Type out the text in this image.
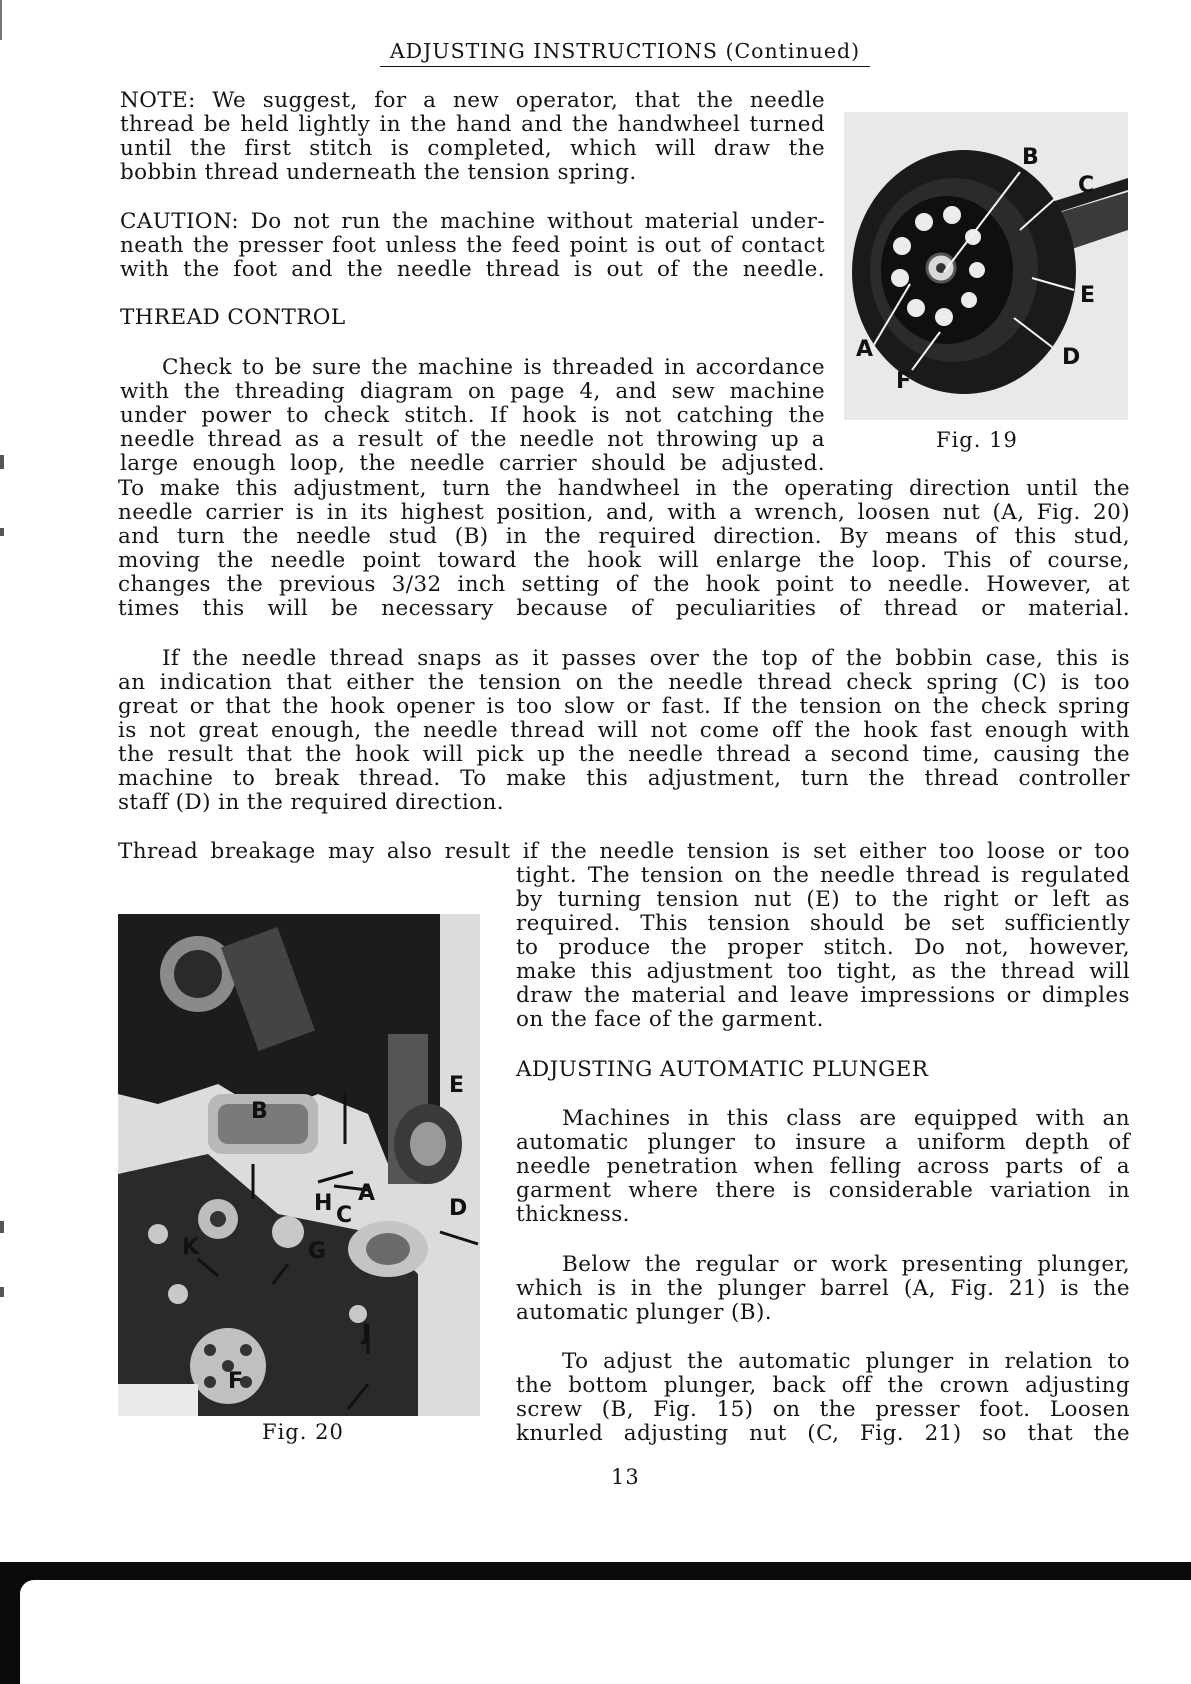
ADJUSTING INSTRUCTIONS (Continued)
NOTE: We suggest, for a new operator, that the needle
thread be held lightly in the hand and the handwheel turned
until the first stitch is completed, which will draw the
bobbin thread underneath the tension spring.
CAUTION: Do not run the machine without material under-
neath the presser foot unless the feed point is out of contact
with the foot and the needle thread is out of the needle.
THREAD CONTROL
Check to be sure the machine is threaded in accordance
with the threading diagram on page 4, and sew machine
under power to check stitch. If hook is not catching the
needle thread as a result of the needle not throwing up a
large enough loop, the needle carrier should be adjusted.
To make this adjustment, turn the handwheel in the operating direction until the
needle carrier is in its highest position, and, with a wrench, loosen nut (A, Fig. 20)
and turn the needle stud (B) in the required direction. By means of this stud,
moving the needle point toward the hook will enlarge the loop. This of course,
changes the previous 3/32 inch setting of the hook point to needle. However, at
times this will be necessary because of peculiarities of thread or material.
If the needle thread snaps as it passes over the top of the bobbin case, this is
an indication that either the tension on the needle thread check spring (C) is too
great or that the hook opener is too slow or fast. If the tension on the check spring
is not great enough, the needle thread will not come off the hook fast enough with
the result that the hook will pick up the needle thread a second time, causing the
machine to break thread. To make this adjustment, turn the thread controller
staff (D) in the required direction.
Thread breakage may also result if the needle tension is set either too loose or too
tight. The tension on the needle thread is regulated
by turning tension nut (E) to the right or left as
required. This tension should be set sufficiently
to produce the proper stitch. Do not, however,
make this adjustment too tight, as the thread will
draw the material and leave impressions or dimples
on the face of the garment.
ADJUSTING AUTOMATIC PLUNGER
Machines in this class are equipped with an
automatic plunger to insure a uniform depth of
needle penetration when felling across parts of a
garment where there is considerable variation in
thickness.
Below the regular or work presenting plunger,
which is in the plunger barrel (A, Fig. 21) is the
automatic plunger (B).
To adjust the automatic plunger in relation to
the bottom plunger, back off the crown adjusting
screw (B, Fig. 15) on the presser foot. Loosen
knurled adjusting nut (C, Fig. 21) so that the
A
B
C
D
E
F
Fig. 19
A
B
C	D
E
F
G
H
J
K
Fig. 20
13
